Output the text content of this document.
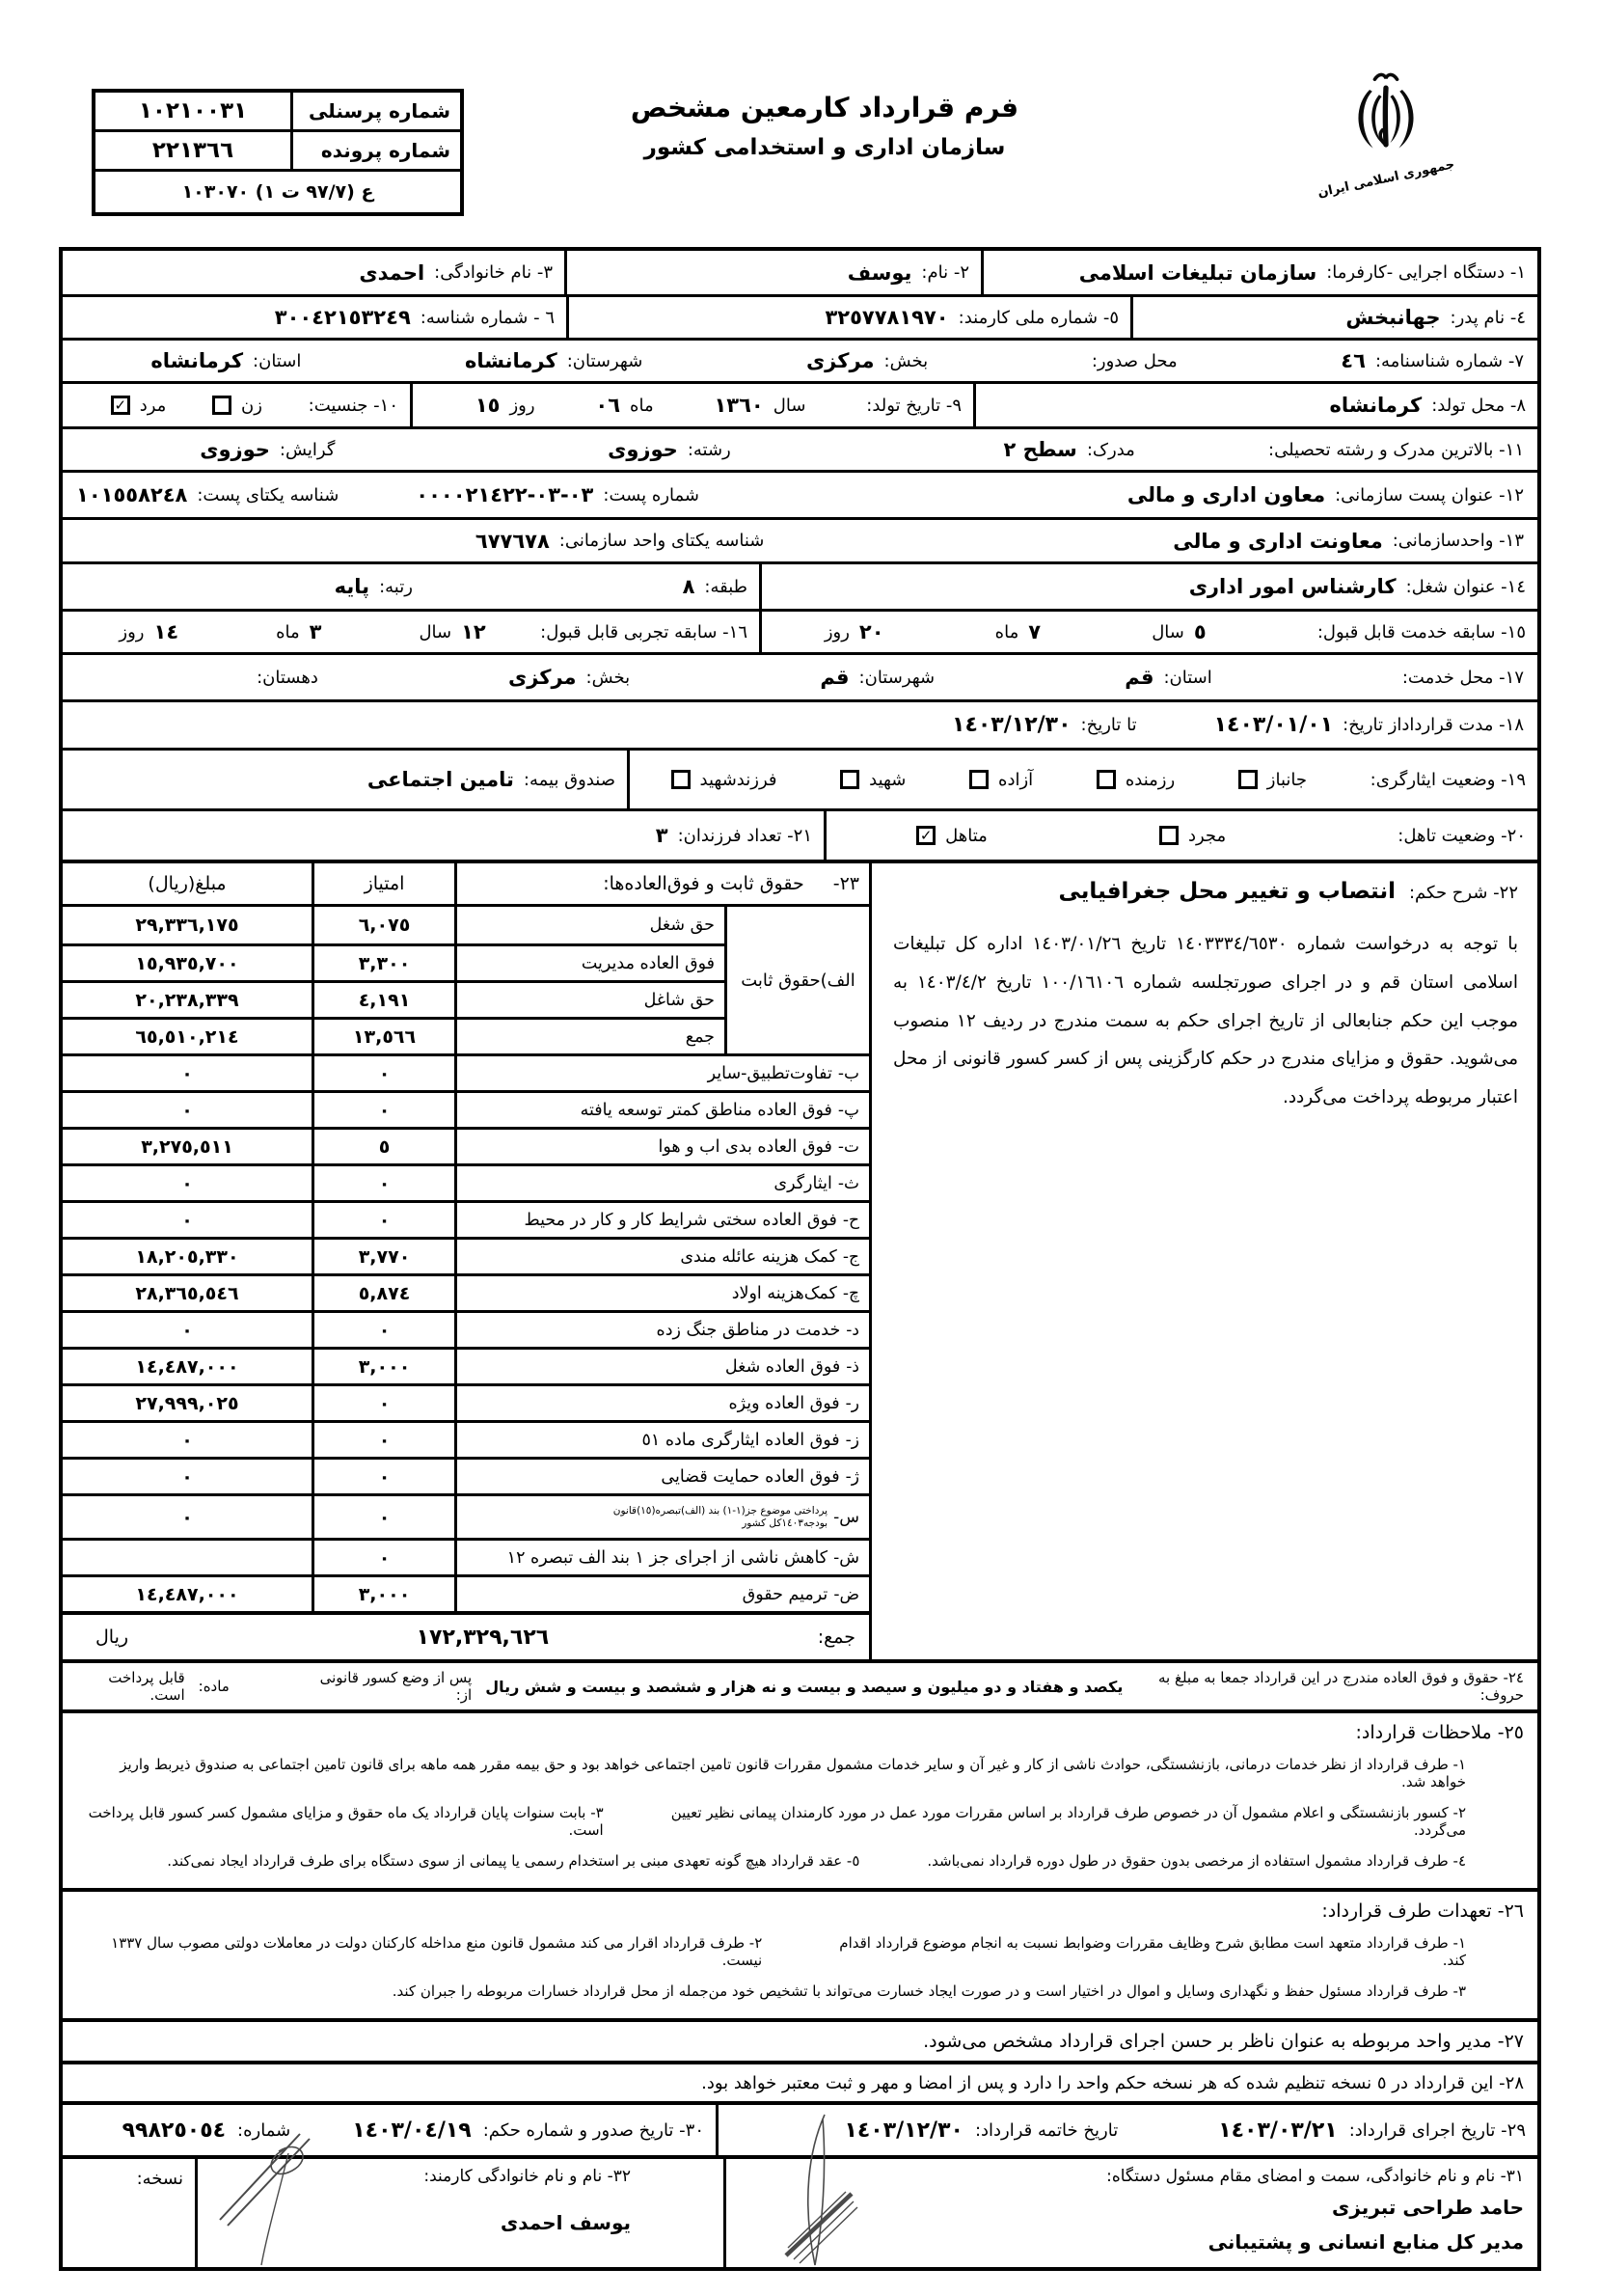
شماره پرسنلی
١٠٢١٠٠٣١
شماره پرونده
٢٢١٣٦٦
ع (٩٧/٧ ت ١) ١٠٣٠٧٠
فرم قرارداد کارمعین مشخص
سازمان اداری و استخدامی کشور
جمهوری اسلامی ایران
١- دستگاه اجرایی -کارفرما:
سازمان تبلیغات اسلامی
٢- نام:
یوسف
٣- نام خانوادگی:
احمدی
٤- نام پدر:
جهانبخش
٥- شماره ملی کارمند:
٣٢٥٧٧٨١٩٧٠
٦ - شماره شناسه:
٣٠٠٤٢١٥٣٢٤٩
٧- شماره شناسنامه:
٤٦
محل صدور:
بخش:
مرکزی
شهرستان:
کرمانشاه
استان:
کرمانشاه
٨- محل تولد:
کرمانشاه
٩- تاریخ تولد:
سال
١٣٦٠
ماه
٠٦
روز
١٥
١٠- جنسیت:
زن
مرد
✓
١١- بالاترین مدرک و رشته تحصیلی:
مدرک:
سطح ٢
رشته:
حوزوی
گرایش:
حوزوی
١٢- عنوان پست سازمانی:
معاون اداری و مالی
شماره پست:
٠٣-٠٣-٠٠٠٠٢١٤٢٢
شناسه یکتای پست:
١٠١٥٥٨٢٤٨
١٣- واحدسازمانی:
معاونت اداری و مالی
شناسه یکتای واحد سازمانی:
٦٧٧٦٧٨
١٤- عنوان شغل:
کارشناس امور اداری
طبقه:
٨
رتبه:
پایه
١٥- سابقه خدمت قابل قبول:
٥
سال
٧
ماه
٢٠
روز
١٦- سابقه تجربی قابل قبول:
١٢
سال
٣
ماه
١٤
روز
١٧- محل خدمت:
استان:
قم
شهرستان:
قم
بخش:
مرکزی
دهستان:
١٨- مدت قرارداداز تاریخ:
١٤٠٣/٠١/٠١
تا تاریخ:
١٤٠٣/١٢/٣٠
١٩- وضعیت ایثارگری:
جانباز
رزمنده
آزاده
شهید
فرزندشهید
صندوق بیمه:
تامین اجتماعی
٢٠- وضعیت تاهل:
مجرد
متاهل
✓
٢١- تعداد فرزندان:
٣
٢٢- شرح حکم:
انتصاب و تغییر محل جغرافیایی
با توجه به درخواست شماره ١٤٠٣٣٣٤/٦٥٣٠ تاریخ ١٤٠٣/٠١/٢٦ اداره کل تبلیغات اسلامی استان قم و در اجرای صورتجلسه شماره ١٠٠/١٦١٠٦ تاریخ ١٤٠٣/٤/٢ به موجب این حکم جنابعالی از تاریخ اجرای حکم به سمت مندرج در ردیف ١٢ منصوب می‌شوید. حقوق و مزایای مندرج در حکم کارگزینی پس از کسر کسور قانونی از محل اعتبار مربوطه پرداخت می‌گردد.
٢٣-
حقوق ثابت و فوق‌العاده‌ها:
امتیاز
مبلغ(ریال)
الف)حقوق ثابت
حق شغل
٦,٠٧٥
٢٩,٣٣٦,١٧٥
فوق العاده مدیریت
٣,٣٠٠
١٥,٩٣٥,٧٠٠
حق شاغل
٤,١٩١
٢٠,٢٣٨,٣٣٩
جمع
١٣,٥٦٦
٦٥,٥١٠,٢١٤
ب-
تفاوت‌تطبیق-سایر
٠
٠
پ-
فوق العاده مناطق کمتر توسعه یافته
٠
٠
ت-
فوق العاده بدی اب و هوا
٥
٣,٢٧٥,٥١١
ث-
ایثارگری
٠
٠
ح-
فوق العاده سختی شرایط کار و کار در محیط
٠
٠
ج-
کمک هزینه عائله مندی
٣,٧٧٠
١٨,٢٠٥,٣٣٠
چ-
کمک‌هزینه اولاد
٥,٨٧٤
٢٨,٣٦٥,٥٤٦
د-
خدمت در مناطق جنگ زده
٠
٠
ذ-
فوق العاده شغل
٣,٠٠٠
١٤,٤٨٧,٠٠٠
ر-
فوق العاده ویژه
٠
٢٧,٩٩٩,٠٢٥
ز-
فوق العاده ایثارگری ماده ٥١
٠
٠
ژ-
فوق العاده حمایت قضایی
٠
٠
س-
پرداختی موضوع جز(١-١) بند (الف)تبصره(١٥)قانون بودجه١٤٠٣کل کشور
٠
٠
ش-
کاهش ناشی از اجرای جز ١ بند الف تبصره ١٢
٠
ض-
ترمیم حقوق
٣,٠٠٠
١٤,٤٨٧,٠٠٠
جمع:
١٧٢,٣٢٩,٦٢٦
ریال
٢٤- حقوق و فوق العاده مندرج در این قرارداد جمعا به مبلغ به حروف:
یکصد و هفتاد و دو میلیون و سیصد و بیست و نه هزار و ششصد و بیست و شش ریال
پس از وضع کسور قانونی از:
ماده:
قابل پرداخت است.
٢٥- ملاحظات قرارداد:
١- طرف قرارداد از نظر خدمات درمانی، بازنشستگی، حوادث ناشی از کار و غیر آن و سایر خدمات مشمول مقررات قانون تامین اجتماعی خواهد بود و حق بیمه مقرر همه ماهه برای قانون تامین اجتماعی به صندوق ذیربط واریز خواهد شد.
٢- کسور بازنشستگی و اعلام مشمول آن در خصوص طرف قرارداد بر اساس مقررات مورد عمل در مورد کارمندان پیمانی نظیر تعیین می‌گردد.
٣- بابت سنوات پایان قرارداد یک ماه حقوق و مزایای مشمول کسر کسور قابل پرداخت است.
٤- طرف قرارداد مشمول استفاده از مرخصی بدون حقوق در طول دوره قرارداد نمی‌باشد.
٥- عقد قرارداد هیچ گونه تعهدی مبنی بر استخدام رسمی یا پیمانی از سوی دستگاه برای طرف قرارداد ایجاد نمی‌کند.
٢٦- تعهدات طرف قرارداد:
١- طرف قرارداد متعهد است مطابق شرح وظایف مقررات وضوابط نسبت به انجام موضوع قرارداد اقدام کند.
٢- طرف قرارداد اقرار می کند مشمول قانون منع مداخله کارکنان دولت در معاملات دولتی مصوب سال ١٣٣٧ نیست.
٣- طرف قرارداد مسئول حفظ و نگهداری وسایل و اموال در اختیار است و در صورت ایجاد خسارت می‌تواند با تشخیص خود من‌جمله از محل قرارداد خسارات مربوطه را جبران کند.
٢٧- مدیر واحد مربوطه به عنوان ناظر بر حسن اجرای قرارداد مشخص می‌شود.
٢٨- این قرارداد در ٥ نسخه تنظیم شده که هر نسخه حکم واحد را دارد و پس از امضا و مهر و ثبت معتبر خواهد بود.
٢٩- تاریخ اجرای قرارداد:
١٤٠٣/٠٣/٢١
تاریخ خاتمه قرارداد:
١٤٠٣/١٢/٣٠
٣٠- تاریخ صدور و شماره حکم:
١٤٠٣/٠٤/١٩
شماره:
٩٩٨٢٥٠٥٤
٣١- نام و نام خانوادگی، سمت و امضای مقام مسئول دستگاه:
حامد طراحی تبریزی
مدیر کل منابع انسانی و پشتیبانی
٣٢- نام و نام خانوادگی کارمند:
یوسف احمدی
نسخه:
